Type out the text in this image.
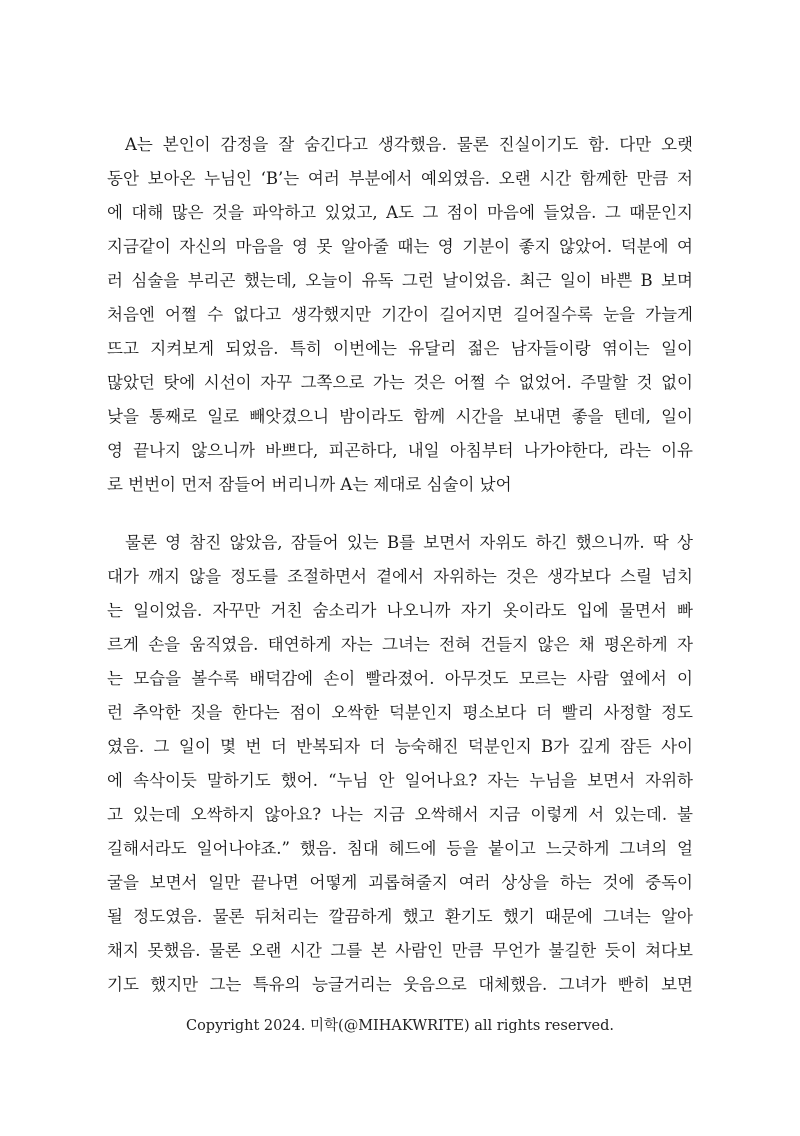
A는 본인이 감정을 잘 숨긴다고 생각했음. 물론 진실이기도 함. 다만 오랫
동안 보아온 누님인 ‘B’는 여러 부분에서 예외였음. 오랜 시간 함께한 만큼 저
에 대해 많은 것을 파악하고 있었고, A도 그 점이 마음에 들었음. 그 때문인지
지금같이 자신의 마음을 영 못 알아줄 때는 영 기분이 좋지 않았어. 덕분에 여
러 심술을 부리곤 했는데, 오늘이 유독 그런 날이었음. 최근 일이 바쁜 B 보며
처음엔 어쩔 수 없다고 생각했지만 기간이 길어지면 길어질수록 눈을 가늘게
뜨고 지켜보게 되었음. 특히 이번에는 유달리 젊은 남자들이랑 엮이는 일이
많았던 탓에 시선이 자꾸 그쪽으로 가는 것은 어쩔 수 없었어. 주말할 것 없이
낮을 통째로 일로 빼앗겼으니 밤이라도 함께 시간을 보내면 좋을 텐데, 일이
영 끝나지 않으니까 바쁘다, 피곤하다, 내일 아침부터 나가야한다, 라는 이유
로 번번이 먼저 잠들어 버리니까 A는 제대로 심술이 났어
물론 영 참진 않았음, 잠들어 있는 B를 보면서 자위도 하긴 했으니까. 딱 상
대가 깨지 않을 정도를 조절하면서 곁에서 자위하는 것은 생각보다 스릴 넘치
는 일이었음. 자꾸만 거친 숨소리가 나오니까 자기 옷이라도 입에 물면서 빠
르게 손을 움직였음. 태연하게 자는 그녀는 전혀 건들지 않은 채 평온하게 자
는 모습을 볼수록 배덕감에 손이 빨라졌어. 아무것도 모르는 사람 옆에서 이
런 추악한 짓을 한다는 점이 오싹한 덕분인지 평소보다 더 빨리 사정할 정도
였음. 그 일이 몇 번 더 반복되자 더 능숙해진 덕분인지 B가 깊게 잠든 사이
에 속삭이듯 말하기도 했어. “누님 안 일어나요? 자는 누님을 보면서 자위하
고 있는데 오싹하지 않아요? 나는 지금 오싹해서 지금 이렇게 서 있는데. 불
길해서라도 일어나야죠.” 했음. 침대 헤드에 등을 붙이고 느긋하게 그녀의 얼
굴을 보면서 일만 끝나면 어떻게 괴롭혀줄지 여러 상상을 하는 것에 중독이
될 정도였음. 물론 뒤처리는 깔끔하게 했고 환기도 했기 때문에 그녀는 알아
채지 못했음. 물론 오랜 시간 그를 본 사람인 만큼 무언가 불길한 듯이 쳐다보
기도 했지만 그는 특유의 능글거리는 웃음으로 대체했음. 그녀가 빤히 보면
Copyright 2024. 미학(@MIHAKWRITE) all rights reserved.
